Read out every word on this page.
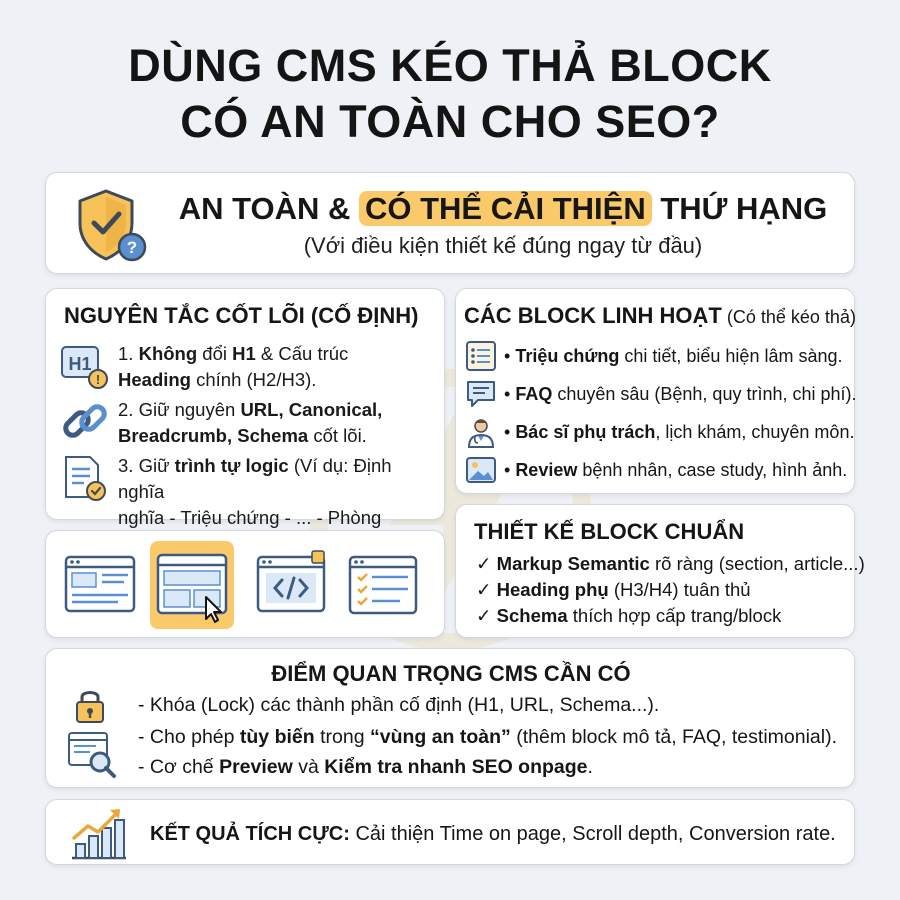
DÙNG CMS KÉO THẢ BLOCK
CÓ AN TOÀN CHO SEO?
?
AN TOÀN & CÓ THỂ CẢI THIỆN THỨ HẠNG
(Với điều kiện thiết kế đúng ngay từ đầu)
NGUYÊN TẮC CỐT LÕI (CỐ ĐỊNH)
H1
!
1. Không đổi H1 & Cấu trúc
Heading chính (H2/H3).
2. Giữ nguyên URL, Canonical,
Breadcrumb, Schema cốt lõi.
3. Giữ trình tự logic (Ví dụ: Định nghĩa
nghĩa - Triệu chứng - ... - Phòng
CÁC BLOCK LINH HOẠT (Có thể kéo thả)
• Triệu chứng chi tiết, biểu hiện lâm sàng.
• FAQ chuyên sâu (Bệnh, quy trình, chi phí).
• Bác sĩ phụ trách, lịch khám, chuyên môn.
• Review bệnh nhân, case study, hình ảnh.
THIẾT KẾ BLOCK CHUẨN
✓ Markup Semantic rõ ràng (section, article...)
✓ Heading phụ (H3/H4) tuân thủ
✓ Schema thích hợp cấp trang/block
ĐIỂM QUAN TRỌNG CMS CẦN CÓ
- Khóa (Lock) các thành phần cố định (H1, URL, Schema...).
- Cho phép tùy biến trong “vùng an toàn” (thêm block mô tả, FAQ, testimonial).
- Cơ chế Preview và Kiểm tra nhanh SEO onpage.
KẾT QUẢ TÍCH CỰC: Cải thiện Time on page, Scroll depth, Conversion rate.
